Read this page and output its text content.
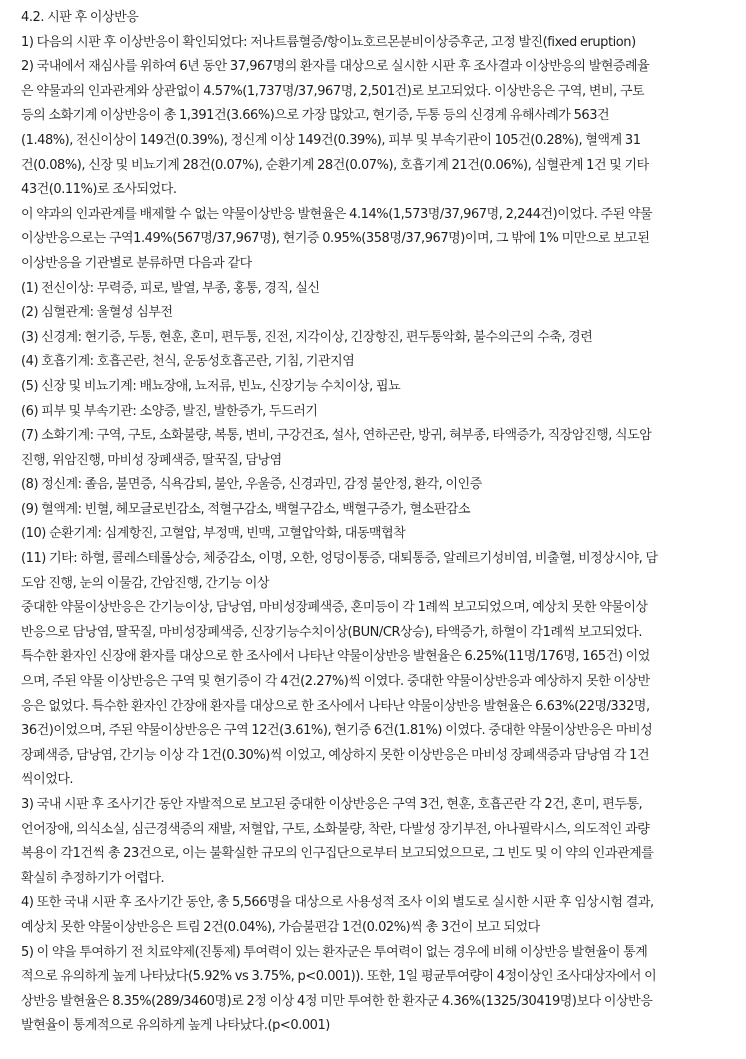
4.2. 시판 후 이상반응
1) 다음의 시판 후 이상반응이 확인되었다: 저나트륨혈증/항이뇨호르몬분비이상증후군, 고정 발진(fixed eruption)
2) 국내에서 재심사를 위하여 6년 동안 37,967명의 환자를 대상으로 실시한 시판 후 조사결과 이상반응의 발현증례율
은 약물과의 인과관계와 상관없이 4.57%(1,737명/37,967명, 2,501건)로 보고되었다. 이상반응은 구역, 변비, 구토
등의 소화기계 이상반응이 총 1,391건(3.66%)으로 가장 많았고, 현기증, 두통 등의 신경계 유해사례가 563건
(1.48%), 전신이상이 149건(0.39%), 정신계 이상 149건(0.39%), 피부 및 부속기관이 105건(0.28%), 혈액계 31
건(0.08%), 신장 및 비뇨기계 28건(0.07%), 순환기계 28건(0.07%), 호흡기계 21건(0.06%), 심혈관계 1건 및 기타
43건(0.11%)로 조사되었다.
이 약과의 인과관계를 배제할 수 없는 약물이상반응 발현율은 4.14%(1,573명/37,967명, 2,244건)이었다. 주된 약물
이상반응으로는 구역1.49%(567명/37,967명), 현기증 0.95%(358명/37,967명)이며, 그 밖에 1% 미만으로 보고된
이상반응을 기관별로 분류하면 다음과 같다
(1) 전신이상: 무력증, 피로, 발열, 부종, 홍통, 경직, 실신
(2) 심혈관계: 울혈성 심부전
(3) 신경계: 현기증, 두통, 현훈, 혼미, 편두통, 진전, 지각이상, 긴장항진, 편두통악화, 불수의근의 수축, 경련
(4) 호흡기계: 호흡곤란, 천식, 운동성호흡곤란, 기침, 기관지염
(5) 신장 및 비뇨기계: 배뇨장애, 뇨저류, 빈뇨, 신장기능 수치이상, 핍뇨
(6) 피부 및 부속기관: 소양증, 발진, 발한증가, 두드러기
(7) 소화기계: 구역, 구토, 소화불량, 복통, 변비, 구강건조, 설사, 연하곤란, 방귀, 혀부종, 타액증가, 직장암진행, 식도암
진행, 위암진행, 마비성 장폐색증, 딸꾹질, 담낭염
(8) 정신계: 졸음, 불면증, 식욕감퇴, 불안, 우울증, 신경과민, 감정 불안정, 환각, 이인증
(9) 혈액계: 빈혈, 헤모글로빈감소, 적혈구감소, 백혈구감소, 백혈구증가, 혈소판감소
(10) 순환기계: 심계항진, 고혈압, 부정맥, 빈맥, 고혈압악화, 대동맥협착
(11) 기타: 하혈, 콜레스테롤상승, 체중감소, 이명, 오한, 엉덩이통증, 대퇴통증, 알레르기성비염, 비출혈, 비정상시야, 담
도암 진행, 눈의 이물감, 간암진행, 간기능 이상
중대한 약물이상반응은 간기능이상, 담낭염, 마비성장폐색증, 혼미등이 각 1례씩 보고되었으며, 예상치 못한 약물이상
반응으로 담낭염, 딸꾹질, 마비성장폐색증, 신장기능수치이상(BUN/CR상승), 타액증가, 하혈이 각1례씩 보고되었다.
특수한 환자인 신장애 환자를 대상으로 한 조사에서 나타난 약물이상반응 발현율은 6.25%(11명/176명, 165건) 이었
으며, 주된 약물 이상반응은 구역 및 현기증이 각 4건(2.27%)씩 이였다. 중대한 약물이상반응과 예상하지 못한 이상반
응은 없었다. 특수한 환자인 간장애 환자를 대상으로 한 조사에서 나타난 약물이상반응 발현율은 6.63%(22명/332명,
36건)이었으며, 주된 약물이상반응은 구역 12건(3.61%), 현기증 6건(1.81%) 이였다. 중대한 약물이상반응은 마비성
장폐색증, 담낭염, 간기능 이상 각 1건(0.30%)씩 이었고, 예상하지 못한 이상반응은 마비성 장폐색증과 담낭염 각 1건
씩이었다.
3) 국내 시판 후 조사기간 동안 자발적으로 보고된 중대한 이상반응은 구역 3건, 현훈, 호흡곤란 각 2건, 혼미, 편두통,
언어장애, 의식소실, 심근경색증의 재발, 저혈압, 구토, 소화불량, 착란, 다발성 장기부전, 아나필락시스, 의도적인 과량
복용이 각1건씩 총 23건으로, 이는 불확실한 규모의 인구집단으로부터 보고되었으므로, 그 빈도 및 이 약의 인과관계를
확실히 추정하기가 어렵다.
4) 또한 국내 시판 후 조사기간 동안, 총 5,566명을 대상으로 사용성적 조사 이외 별도로 실시한 시판 후 임상시험 결과,
예상치 못한 약물이상반응은 트림 2건(0.04%), 가슴불편감 1건(0.02%)씩 총 3건이 보고 되었다
5) 이 약을 투여하기 전 치료약제(진통제) 투여력이 있는 환자군은 투여력이 없는 경우에 비해 이상반응 발현율이 통계
적으로 유의하게 높게 나타났다(5.92% vs 3.75%, p<0.001)). 또한, 1일 평균투여량이 4정이상인 조사대상자에서 이
상반응 발현율은 8.35%(289/3460명)로 2정 이상 4정 미만 투여한 한 환자군 4.36%(1325/30419명)보다 이상반응
발현율이 통계적으로 유의하게 높게 나타났다.(p<0.001)
